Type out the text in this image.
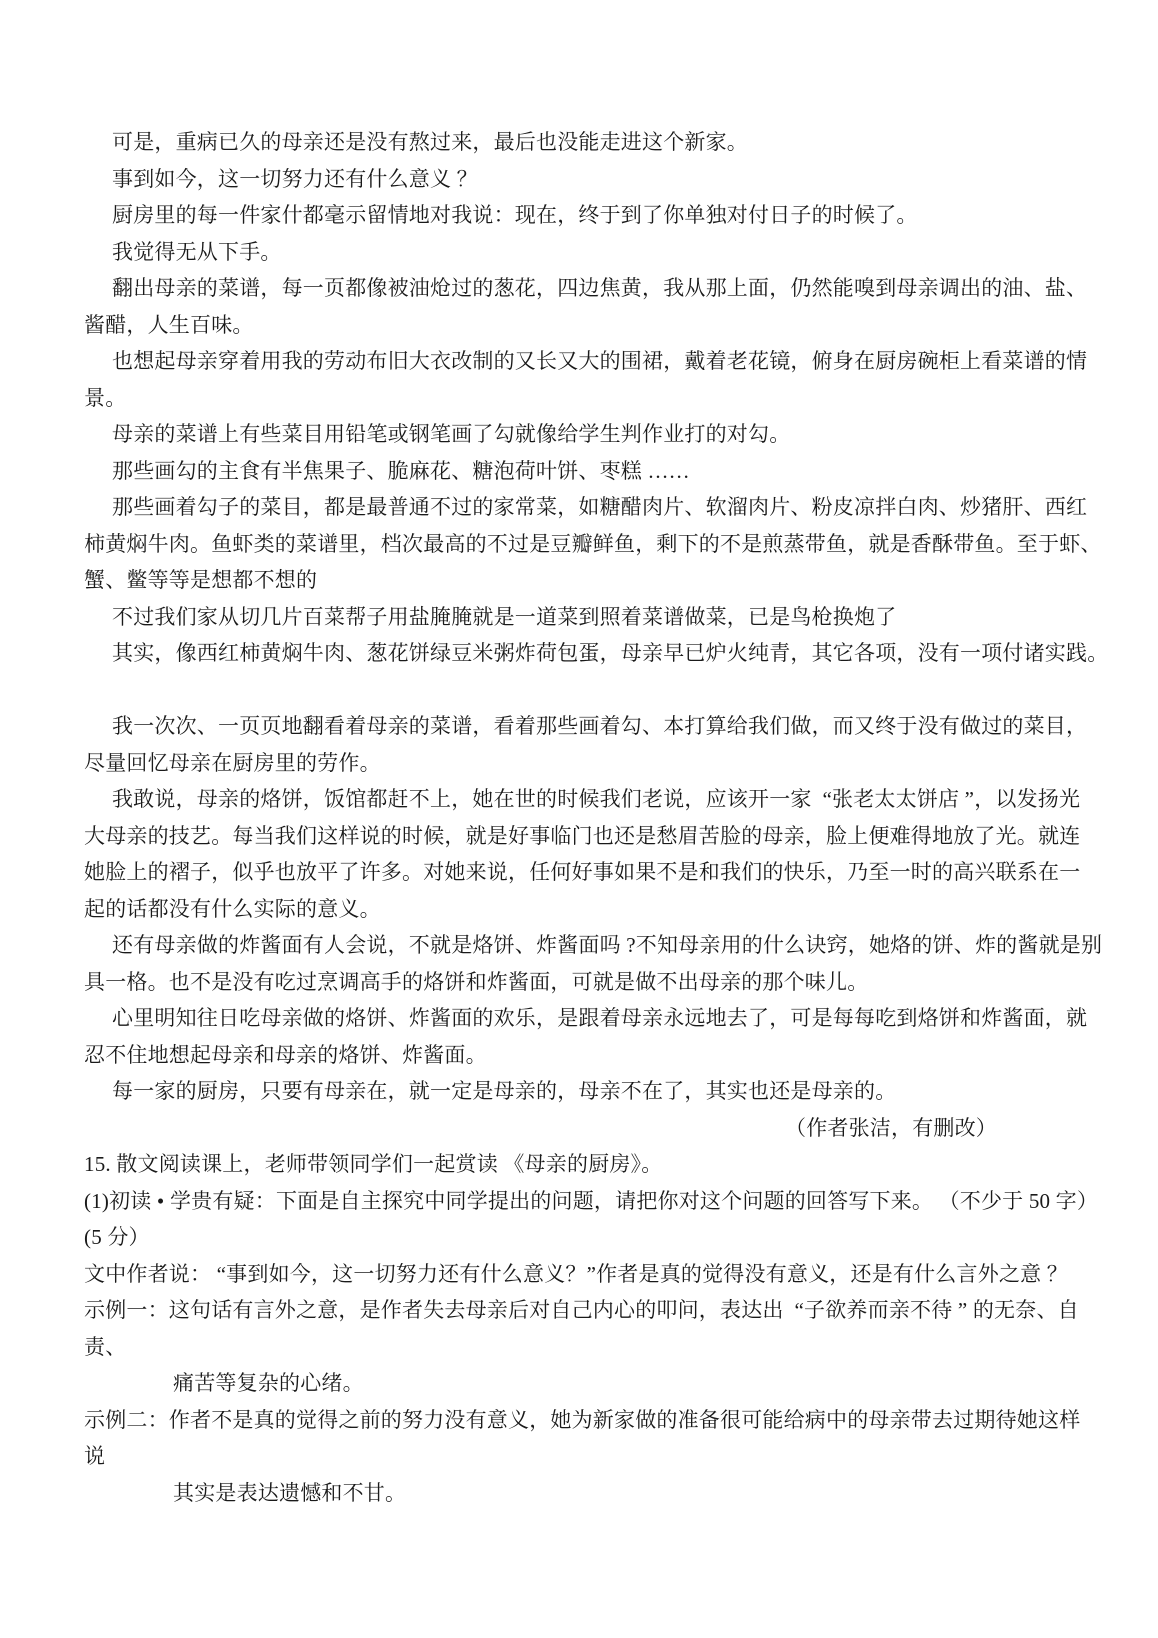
可是，重病已久的母亲还是没有熬过来，最后也没能走进这个新家。
事到如今，这一切努力还有什么意义 ？
厨房里的每一件家什都毫示留情地对我说：现在，终于到了你单独对付日子的时候了。
我觉得无从下手。
翻出母亲的菜谱，每一页都像被油炝过的葱花，四边焦黄，我从那上面，仍然能嗅到母亲调出的油、盐、
酱醋，人生百味。
也想起母亲穿着用我的劳动布旧大衣改制的又长又大的围裙，戴着老花镜，俯身在厨房碗柜上看菜谱的情
景。
母亲的菜谱上有些菜目用铅笔或钢笔画了勾就像给学生判作业打的对勾。
那些画勾的主食有半焦果子、脆麻花、糖泡荷叶饼、枣糕 ……
那些画着勾子的菜目，都是最普通不过的家常菜，如糖醋肉片、软溜肉片、粉皮凉拌白肉、炒猪肝、西红
柿黄焖牛肉。鱼虾类的菜谱里，档次最高的不过是豆瓣鲜鱼，剩下的不是煎蒸带鱼，就是香酥带鱼。至于虾、
蟹、鳖等等是想都不想的
不过我们家从切几片百菜帮子用盐腌腌就是一道菜到照着菜谱做菜，已是鸟枪换炮了
其实，像西红柿黄焖牛肉、葱花饼绿豆米粥炸荷包蛋，母亲早已炉火纯青，其它各项，没有一项付诸实践。
我一次次、一页页地翻看着母亲的菜谱，看着那些画着勾、本打算给我们做，而又终于没有做过的菜目，
尽量回忆母亲在厨房里的劳作。
我敢说，母亲的烙饼，饭馆都赶不上，她在世的时候我们老说，应该开一家  “张老太太饼店 ”，以发扬光
大母亲的技艺。每当我们这样说的时候，就是好事临门也还是愁眉苦脸的母亲，脸上便难得地放了光。就连
她脸上的褶子，似乎也放平了许多。对她来说，任何好事如果不是和我们的快乐，乃至一时的高兴联系在一
起的话都没有什么实际的意义。
还有母亲做的炸酱面有人会说，不就是烙饼、炸酱面吗 ?不知母亲用的什么诀窍，她烙的饼、炸的酱就是别
具一格。也不是没有吃过烹调高手的烙饼和炸酱面，可就是做不出母亲的那个味儿。
心里明知往日吃母亲做的烙饼、炸酱面的欢乐，是跟着母亲永远地去了，可是每每吃到烙饼和炸酱面，就
忍不住地想起母亲和母亲的烙饼、炸酱面。
每一家的厨房，只要有母亲在，就一定是母亲的，母亲不在了，其实也还是母亲的。
（作者张洁，有删改）
15. 散文阅读课上，老师带领同学们一起赏读 《母亲的厨房》。
(1)初读 • 学贵有疑：下面是自主探究中同学提出的问题，请把你对这个问题的回答写下来。 （不少于 50 字）
(5 分）
文中作者说： “事到如今，这一切努力还有什么意义？”作者是真的觉得没有意义，还是有什么言外之意 ？
示例一：这句话有言外之意，是作者失去母亲后对自己内心的叩问，表达出  “子欲养而亲不待 ” 的无奈、自
责、
痛苦等复杂的心绪。
示例二：作者不是真的觉得之前的努力没有意义，她为新家做的准备很可能给病中的母亲带去过期待她这样
说
其实是表达遗憾和不甘。
